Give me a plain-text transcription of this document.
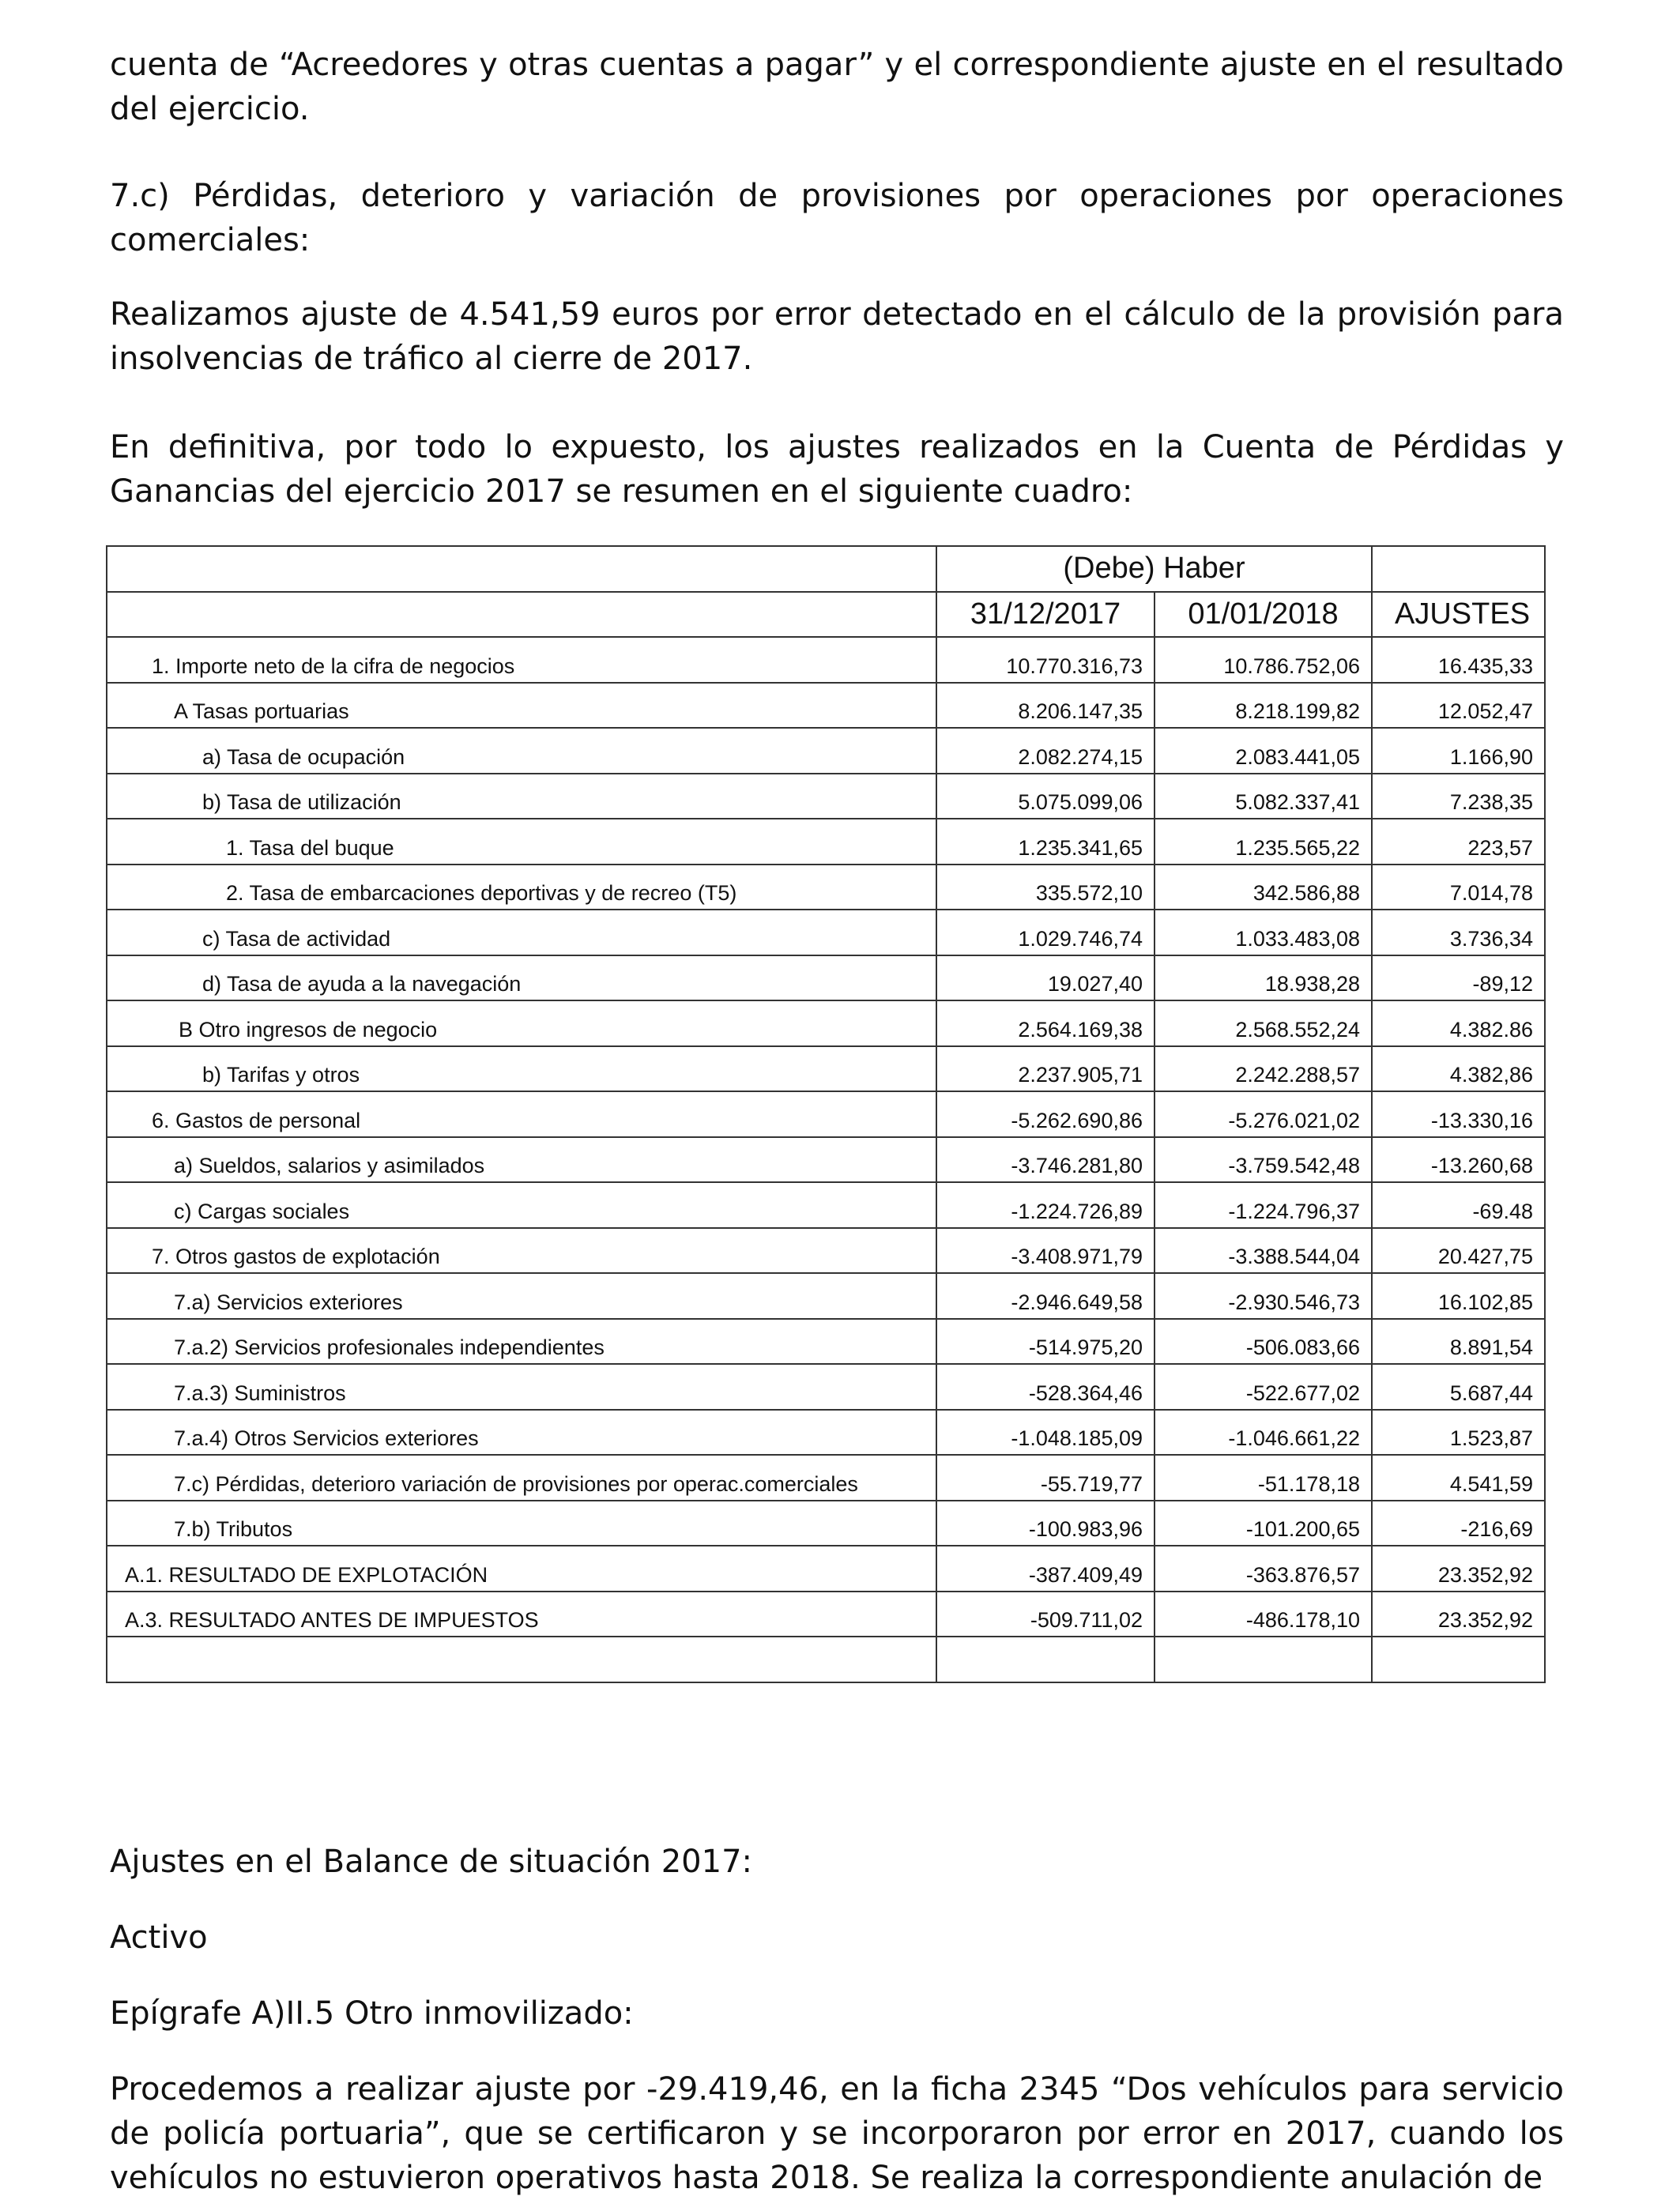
cuenta de “Acreedores y otras cuentas a pagar” y el correspondiente ajuste en el resultado del ejercicio.

7.c) Pérdidas, deterioro y variación de provisiones por operaciones por operaciones comerciales:

Realizamos ajuste de 4.541,59 euros por error detectado en el cálculo de la provisión para insolvencias de tráfico al cierre de 2017.

En definitiva, por todo lo expuesto, los ajustes realizados en la Cuenta de Pérdidas y Ganancias del ejercicio 2017 se resumen en el siguiente cuadro:

	(Debe) Haber		
	31/12/2017	01/01/2018	AJUSTES
1. Importe neto de la cifra de negocios	10.770.316,73	10.786.752,06	16.435,33
A Tasas portuarias	8.206.147,35	8.218.199,82	12.052,47
a) Tasa de ocupación	2.082.274,15	2.083.441,05	1.166,90
b) Tasa de utilización	5.075.099,06	5.082.337,41	7.238,35
1. Tasa del buque	1.235.341,65	1.235.565,22	223,57
2. Tasa de embarcaciones deportivas y de recreo (T5)	335.572,10	342.586,88	7.014,78
c) Tasa de actividad	1.029.746,74	1.033.483,08	3.736,34
d) Tasa de ayuda a la navegación	19.027,40	18.938,28	-89,12
B Otro ingresos de negocio	2.564.169,38	2.568.552,24	4.382.86
b) Tarifas y otros	2.237.905,71	2.242.288,57	4.382,86
6. Gastos de personal	-5.262.690,86	-5.276.021,02	-13.330,16
a) Sueldos, salarios y asimilados	-3.746.281,80	-3.759.542,48	-13.260,68
c) Cargas sociales	-1.224.726,89	-1.224.796,37	-69.48
7. Otros gastos de explotación	-3.408.971,79	-3.388.544,04	20.427,75
7.a) Servicios exteriores	-2.946.649,58	-2.930.546,73	16.102,85
7.a.2) Servicios profesionales independientes	-514.975,20	-506.083,66	8.891,54
7.a.3) Suministros	-528.364,46	-522.677,02	5.687,44
7.a.4) Otros Servicios exteriores	-1.048.185,09	-1.046.661,22	1.523,87
7.c) Pérdidas, deterioro variación de provisiones por operac.comerciales	-55.719,77	-51.178,18	4.541,59
7.b) Tributos	-100.983,96	-101.200,65	-216,69
A.1. RESULTADO DE EXPLOTACIÓN	-387.409,49	-363.876,57	23.352,92
A.3. RESULTADO ANTES DE IMPUESTOS	-509.711,02	-486.178,10	23.352,92

Ajustes en el Balance de situación 2017:

Activo

Epígrafe A)II.5 Otro inmovilizado:

Procedemos a realizar ajuste por -29.419,46, en la ficha 2345 “Dos vehículos para servicio de policía portuaria”, que se certificaron y se incorporaron por error en 2017, cuando los vehículos no estuvieron operativos hasta 2018. Se realiza la correspondiente anulación de
